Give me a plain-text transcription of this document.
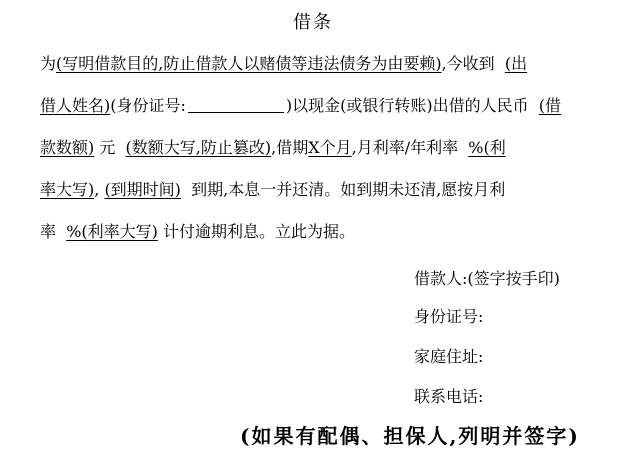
借条
为(写明借款目的,防止借款人以赌债等违法债务为由要赖),今收到 (出
借人姓名)(身份证号:	)以现金(或银行转账)出借的人民币 (借
款数额) 元 (数额大写,防止篡改),借期X个月,月利率/年利率 %(利
率大写), (到期时间) 到期,本息一并还清。如到期未还清,愿按月利
率 %(利率大写) 计付逾期利息。立此为据。
借款人:(签字按手印)
身份证号:
家庭住址:
联系电话:
(如果有配偶、担保人,列明并签字)
